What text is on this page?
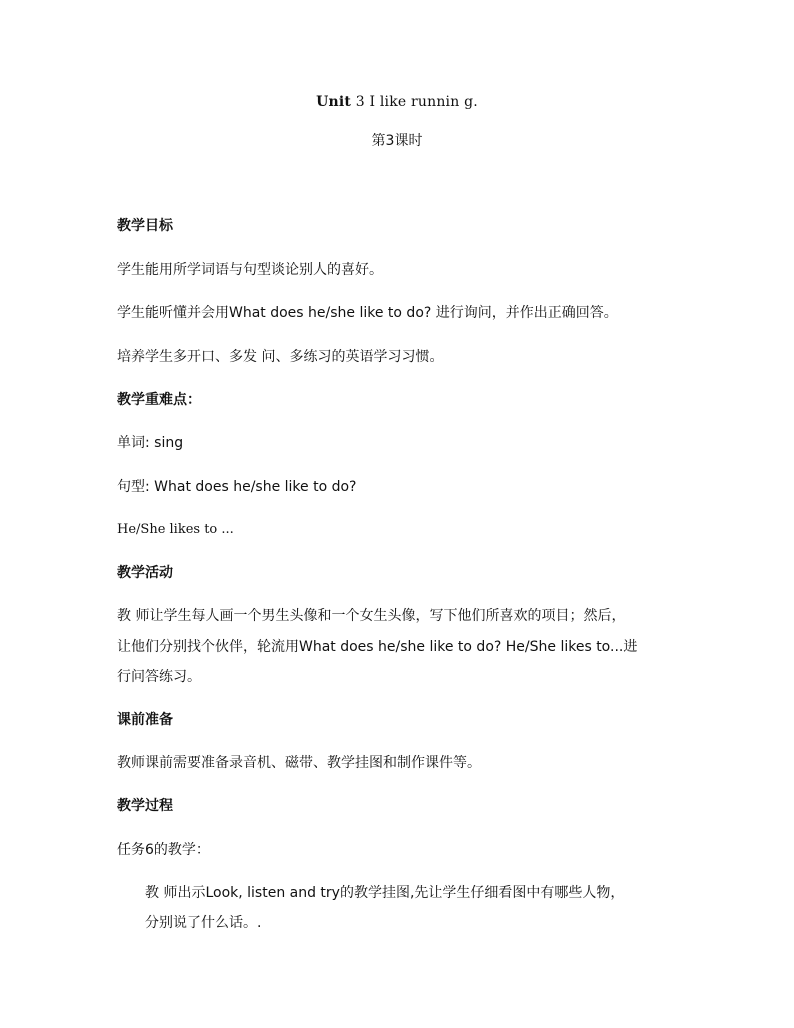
Unit 3 I like runnin g.
第3课时
教学目标
学生能用所学词语与句型谈论别人的喜好。
学生能听懂并会用What does he/she like to do? 进行询问，并作出正确回答。
培养学生多开口、多发 问、多练习的英语学习习惯。
教学重难点：
单词: sing
句型: What does he/she like to do?
He/She likes to ...
教学活动
教 师让学生每人画一个男生头像和一个女生头像，写下他们所喜欢的项目；然后，
让他们分别找个伙伴，轮流用What does he/she like to do? He/She likes to...进
行问答练习。
课前准备
教师课前需要准备录音机、磁带、教学挂图和制作课件等。
教学过程
任务6的教学：
教 师出示Look, listen and try的教学挂图,先让学生仔细看图中有哪些人物，
分别说了什么话。.
